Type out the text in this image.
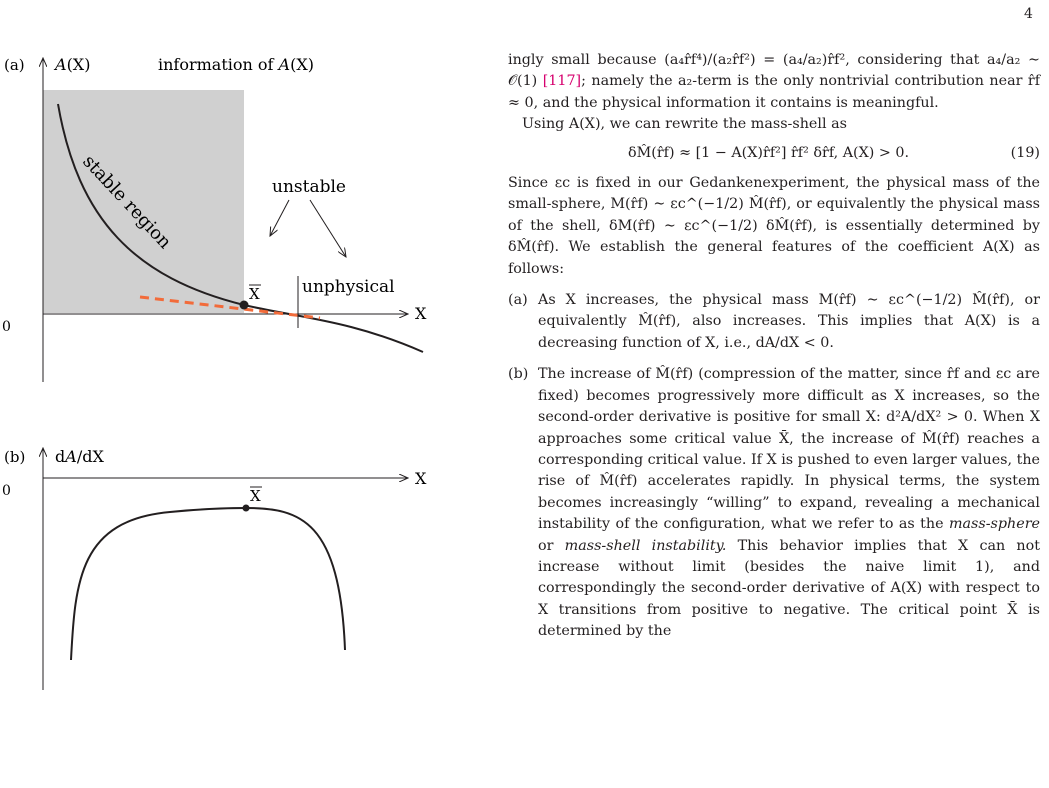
4
(a) A(X)	information of A(X)
X
0
X
stable region	unstable
unphysical
(b) dA/dX
X
0	X

ingly small because (a₄r̂f⁴)/(a₂r̂f²) = (a₄/a₂)r̂f², considering that a₄/a₂ ∼ 𝒪(1) [117]; namely the a₂-term is the only nontrivial contribution near r̂f ≈ 0, and the physical information it contains is meaningful.

Using A(X), we can rewrite the mass-shell as

δM̂(r̂f) ≈ [1 − A(X)r̂f²] r̂f² δr̂f, A(X) > 0.	(19)

Since εc is fixed in our Gedankenexperiment, the physical mass of the small-sphere, M(r̂f) ∼ εc^(−1/2) M̂(r̂f), or equivalently the physical mass of the shell, δM(r̂f) ∼ εc^(−1/2) δM̂(r̂f), is essentially determined by δM̂(r̂f). We establish the general features of the coefficient A(X) as follows:

(a) As X increases, the physical mass M(r̂f) ∼ εc^(−1/2) M̂(r̂f), or equivalently M̂(r̂f), also increases. This implies that A(X) is a decreasing function of X, i.e., dA/dX < 0.
(b) The increase of M̂(r̂f) (compression of the matter, since r̂f and εc are fixed) becomes progressively more difficult as X increases, so the second-order derivative is positive for small X: d²A/dX² > 0. When X approaches some critical value X̄, the increase of M̂(r̂f) reaches a corresponding critical value. If X is pushed to even larger values, the rise of M̂(r̂f) accelerates rapidly. In physical terms, the system becomes increasingly “willing” to expand, revealing a mechanical instability of the configuration, what we refer to as the mass-sphere or mass-shell instability. This behavior implies that X can not increase without limit (besides the naive limit 1), and correspondingly the second-order derivative of A(X) with respect to X transitions from positive to negative. The critical point X̄ is determined by the
